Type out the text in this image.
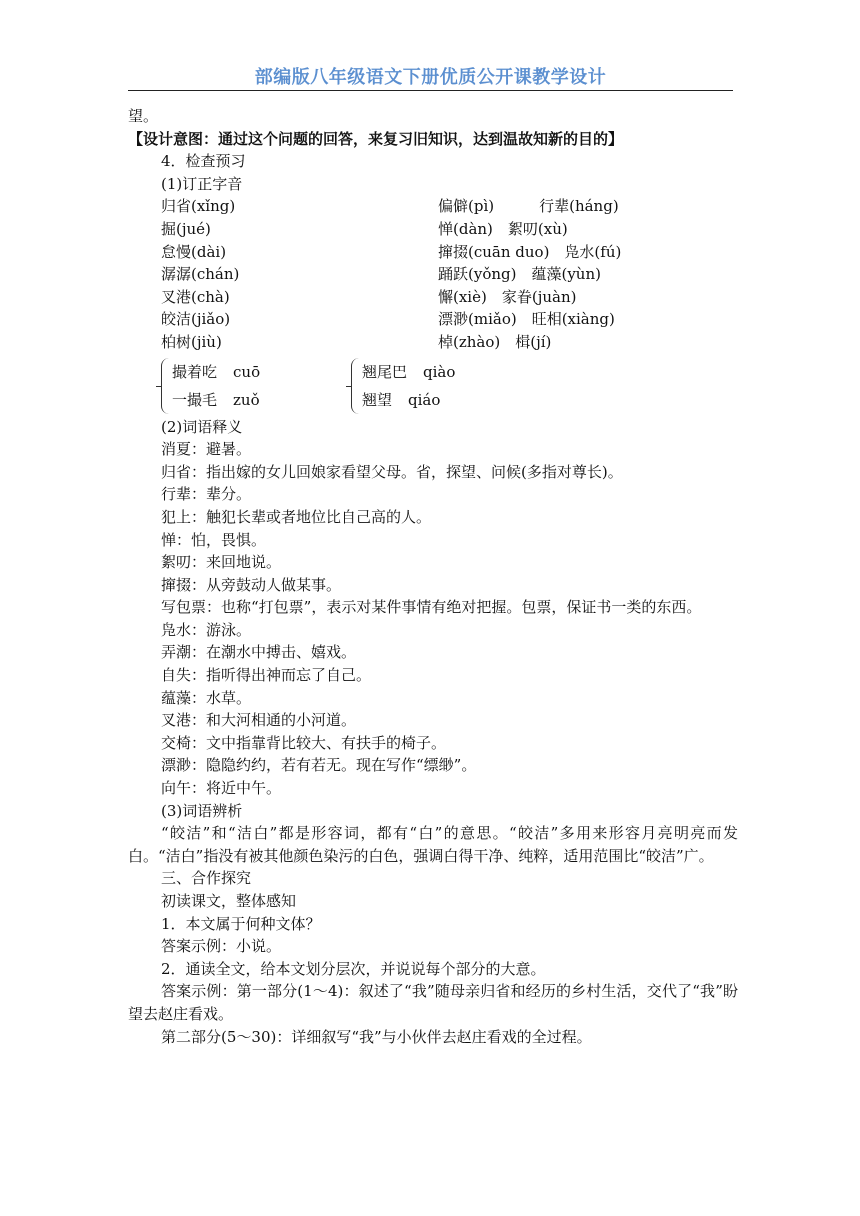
部编版八年级语文下册优质公开课教学设计

望。

【设计意图：通过这个问题的回答，来复习旧知识，达到温故知新的目的】

4．检查预习

(1)订正字音

归省(xǐng)	偏僻(pì)　　　行辈(háng)
掘(jué)	惮(dàn)　絮叨(xù)
怠慢(dài)	撺掇(cuān duo)　凫水(fú)
潺潺(chán)	踊跃(yǒng)　蕴藻(yùn)
叉港(chà)	懈(xiè)　家眷(juàn)
皎洁(jiǎo)	漂渺(miǎo)　旺相(xiàng)
柏树(jiù)	棹(zhào)　楫(jí)
撮着吃 cuō
一撮毛 zuǒ
翘尾巴 qiào
翘望 qiáo

(2)词语释义

消夏：避暑。

归省：指出嫁的女儿回娘家看望父母。省，探望、问候(多指对尊长)。

行辈：辈分。

犯上：触犯长辈或者地位比自己高的人。

惮：怕，畏惧。

絮叨：来回地说。

撺掇：从旁鼓动人做某事。

写包票：也称“打包票”，表示对某件事情有绝对把握。包票，保证书一类的东西。

凫水：游泳。

弄潮：在潮水中搏击、嬉戏。

自失：指听得出神而忘了自己。

蕴藻：水草。

叉港：和大河相通的小河道。

交椅：文中指靠背比较大、有扶手的椅子。

漂渺：隐隐约约，若有若无。现在写作“缥缈”。

向午：将近中午。

(3)词语辨析

“皎洁”和“洁白”都是形容词，都有“白”的意思。“皎洁”多用来形容月亮明亮而发白。“洁白”指没有被其他颜色染污的白色，强调白得干净、纯粹，适用范围比“皎洁”广。

三、合作探究

初读课文，整体感知

1．本文属于何种文体？

答案示例：小说。

2．通读全文，给本文划分层次，并说说每个部分的大意。

答案示例：第一部分(1～4)：叙述了“我”随母亲归省和经历的乡村生活，交代了“我”盼望去赵庄看戏。

第二部分(5～30)：详细叙写“我”与小伙伴去赵庄看戏的全过程。
